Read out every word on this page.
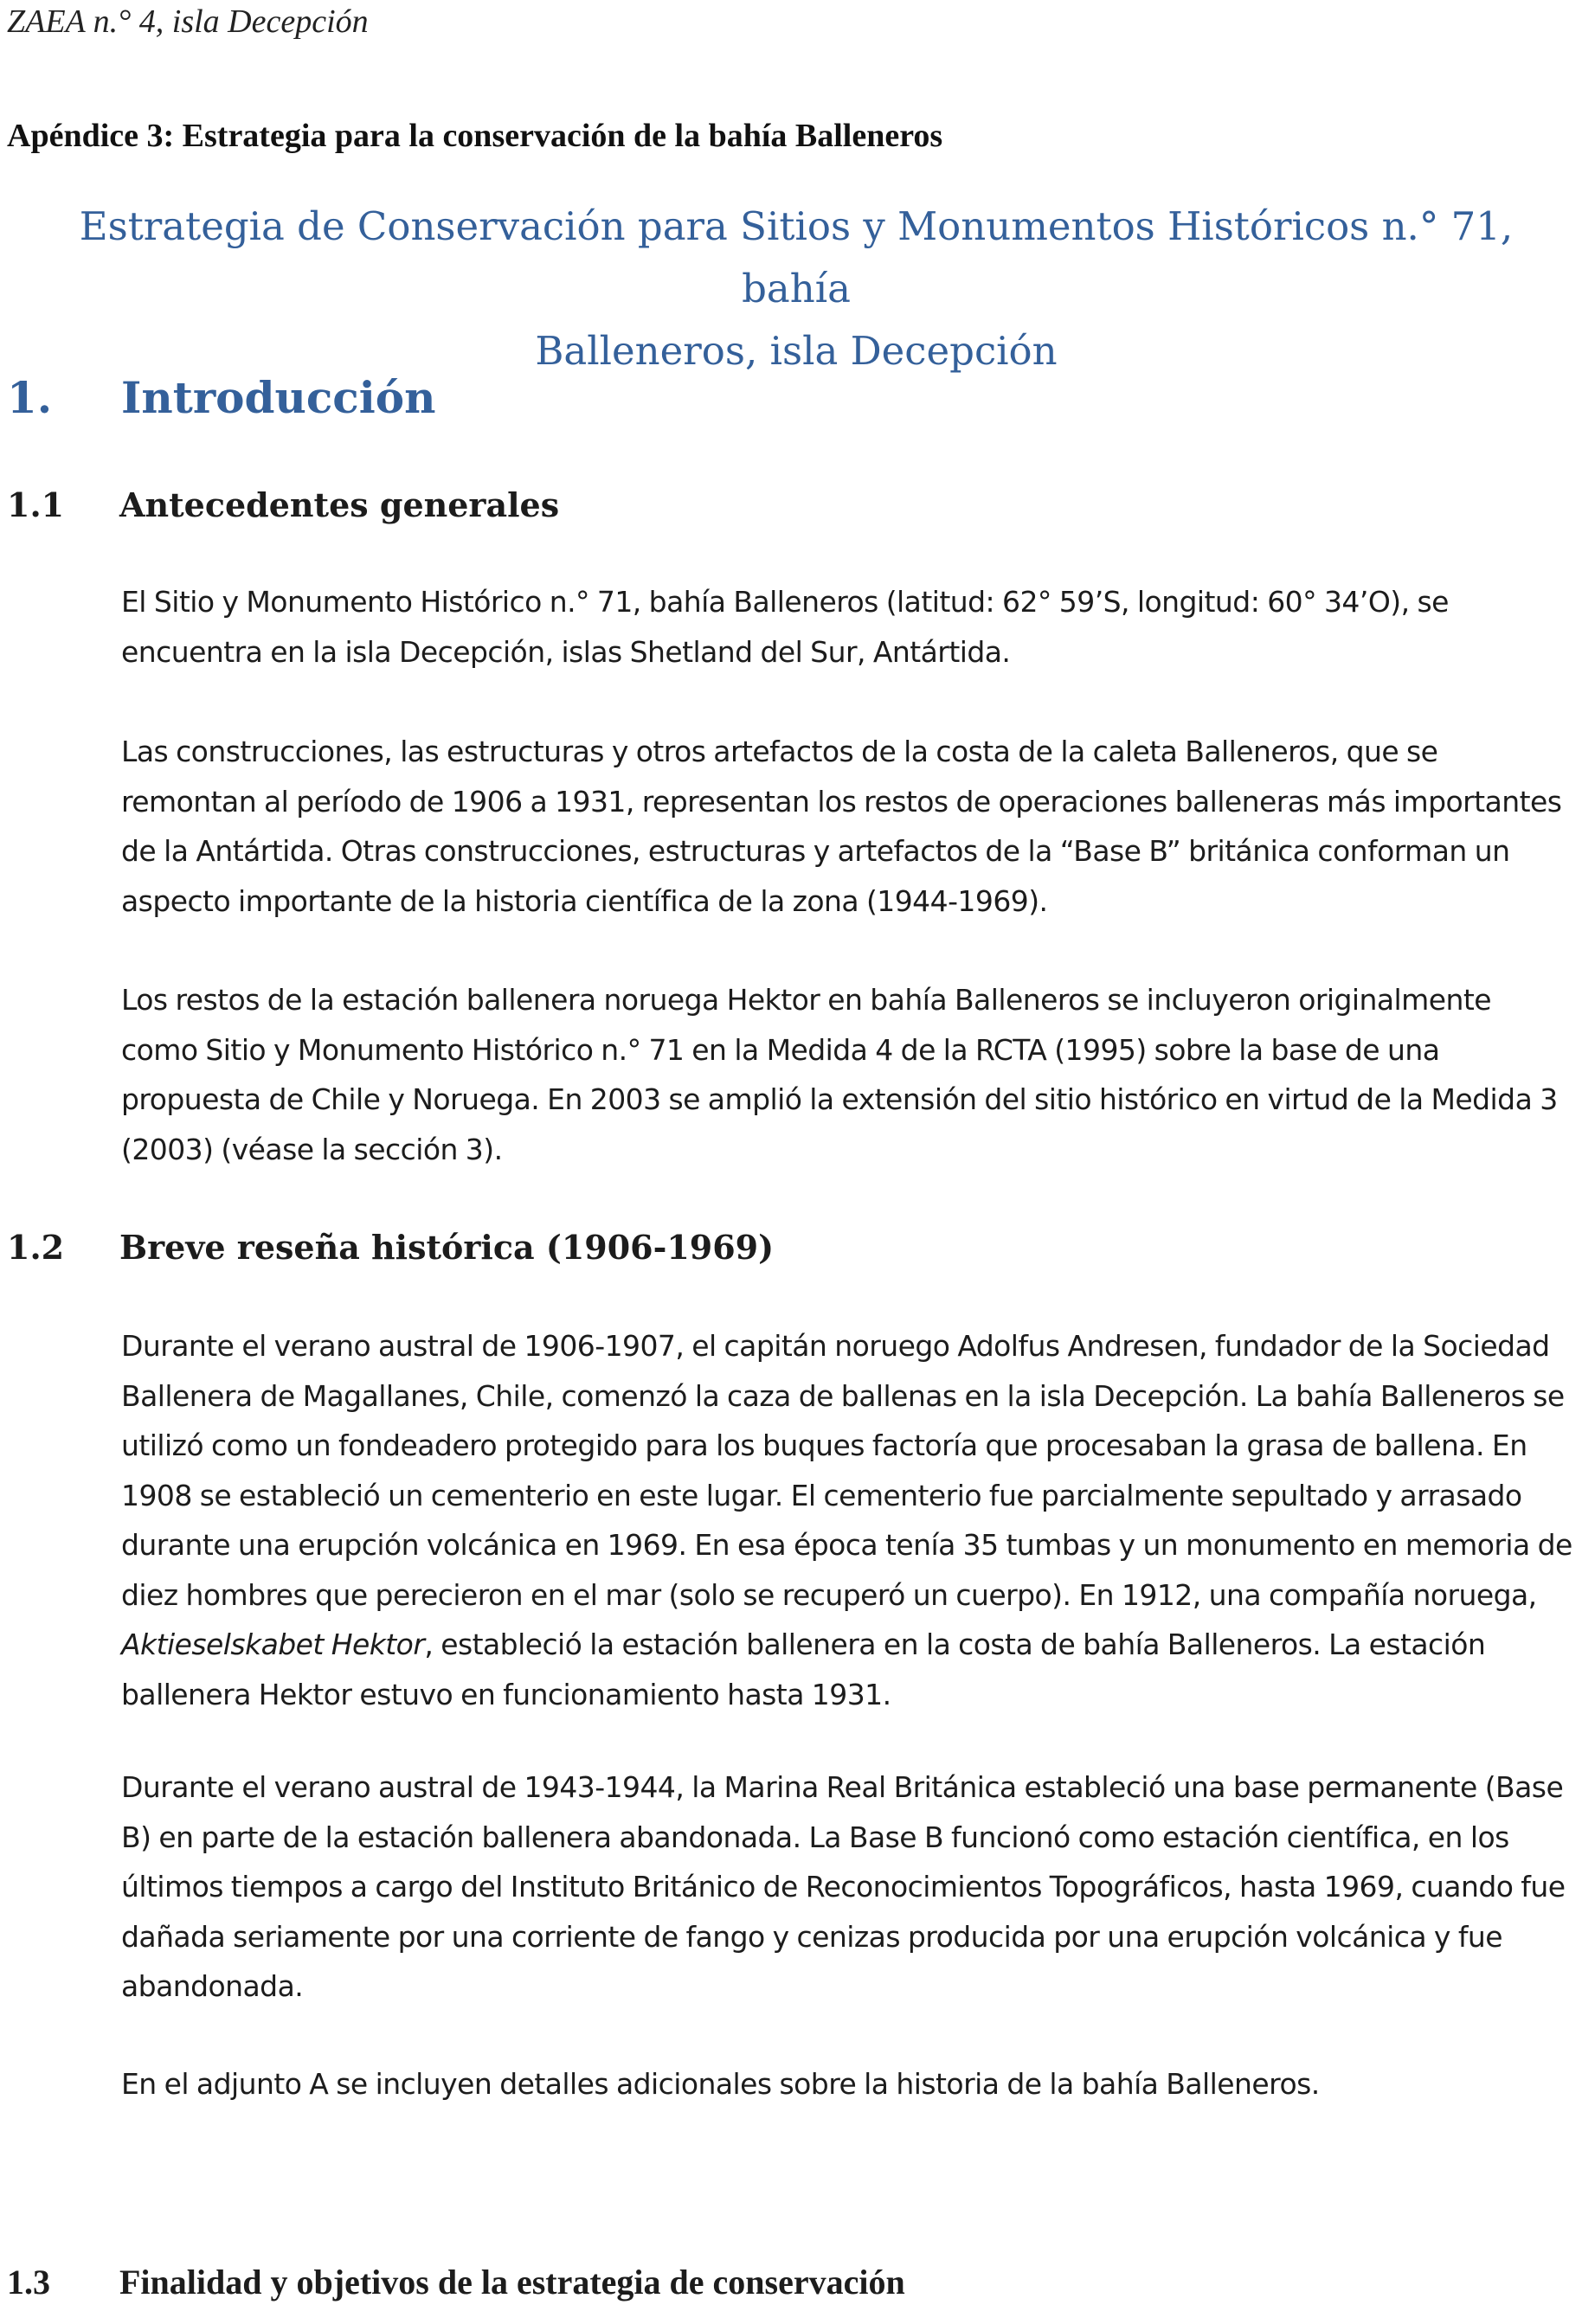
ZAEA n.° 4, isla Decepción
Apéndice 3: Estrategia para la conservación de la bahía Balleneros
Estrategia de Conservación para Sitios y Monumentos Históricos n.° 71, bahía
Balleneros, isla Decepción
1. Introducción
1.1 Antecedentes generales

El Sitio y Monumento Histórico n.° 71, bahía Balleneros (latitud: 62° 59’S, longitud: 60° 34’O), se encuentra en la isla Decepción, islas Shetland del Sur, Antártida.

Las construcciones, las estructuras y otros artefactos de la costa de la caleta Balleneros, que se remontan al período de 1906 a 1931, representan los restos de operaciones balleneras más importantes de la Antártida. Otras construcciones, estructuras y artefactos de la “Base B” británica conforman un aspecto importante de la historia científica de la zona (1944-1969).

Los restos de la estación ballenera noruega Hektor en bahía Balleneros se incluyeron originalmente como Sitio y Monumento Histórico n.° 71 en la Medida 4 de la RCTA (1995) sobre la base de una propuesta de Chile y Noruega. En 2003 se amplió la extensión del sitio histórico en virtud de la Medida 3 (2003) (véase la sección 3).

1.2 Breve reseña histórica (1906-1969)

Durante el verano austral de 1906-1907, el capitán noruego Adolfus Andresen, fundador de la Sociedad Ballenera de Magallanes, Chile, comenzó la caza de ballenas en la isla Decepción. La bahía Balleneros se utilizó como un fondeadero protegido para los buques factoría que procesaban la grasa de ballena. En 1908 se estableció un cementerio en este lugar. El cementerio fue parcialmente sepultado y arrasado durante una erupción volcánica en 1969. En esa época tenía 35 tumbas y un monumento en memoria de diez hombres que perecieron en el mar (solo se recuperó un cuerpo). En 1912, una compañía noruega, Aktieselskabet Hektor, estableció la estación ballenera en la costa de bahía Balleneros. La estación ballenera Hektor estuvo en funcionamiento hasta 1931.

Durante el verano austral de 1943-1944, la Marina Real Británica estableció una base permanente (Base B) en parte de la estación ballenera abandonada. La Base B funcionó como estación científica, en los últimos tiempos a cargo del Instituto Británico de Reconocimientos Topográficos, hasta 1969, cuando fue dañada seriamente por una corriente de fango y cenizas producida por una erupción volcánica y fue abandonada.

En el adjunto A se incluyen detalles adicionales sobre la historia de la bahía Balleneros.

1.3 Finalidad y objetivos de la estrategia de conservación
